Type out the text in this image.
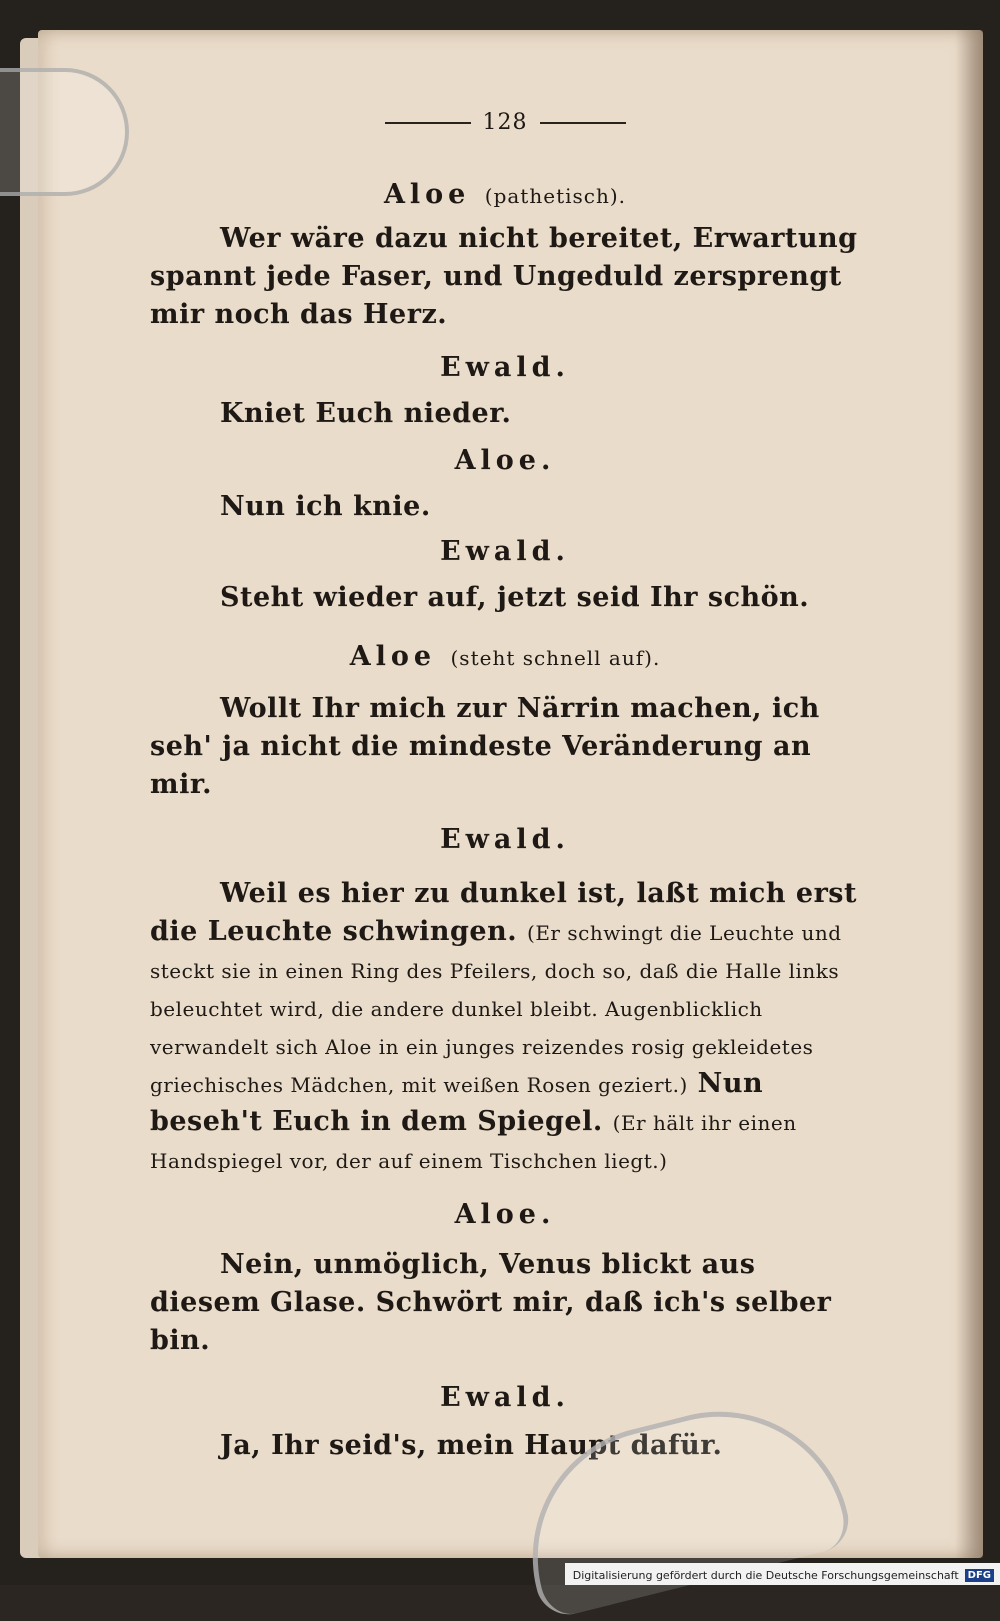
128

Aloe (pathetisch).

Wer wäre dazu nicht bereitet, Erwartung spannt jede Faser, und Ungeduld zersprengt mir noch das Herz.

Ewald.

Kniet Euch nieder.

Aloe.

Nun ich knie.

Ewald.

Steht wieder auf, jetzt seid Ihr schön.

Aloe (steht schnell auf).

Wollt Ihr mich zur Närrin machen, ich seh' ja nicht die mindeste Veränderung an mir.

Ewald.

Weil es hier zu dunkel ist, laßt mich erst die Leuchte schwingen. (Er schwingt die Leuchte und steckt sie in einen Ring des Pfeilers, doch so, daß die Halle links beleuchtet wird, die andere dunkel bleibt. Augenblicklich verwandelt sich Aloe in ein junges reizendes rosig gekleidetes griechisches Mädchen, mit weißen Rosen geziert.) Nun beseh't Euch in dem Spiegel. (Er hält ihr einen Handspiegel vor, der auf einem Tischchen liegt.)

Aloe.

Nein, unmöglich, Venus blickt aus diesem Glase. Schwört mir, daß ich's selber bin.

Ewald.

Ja, Ihr seid's, mein Haupt dafür.

Digitalisierung gefördert durch die Deutsche Forschungsgemeinschaft DFG
